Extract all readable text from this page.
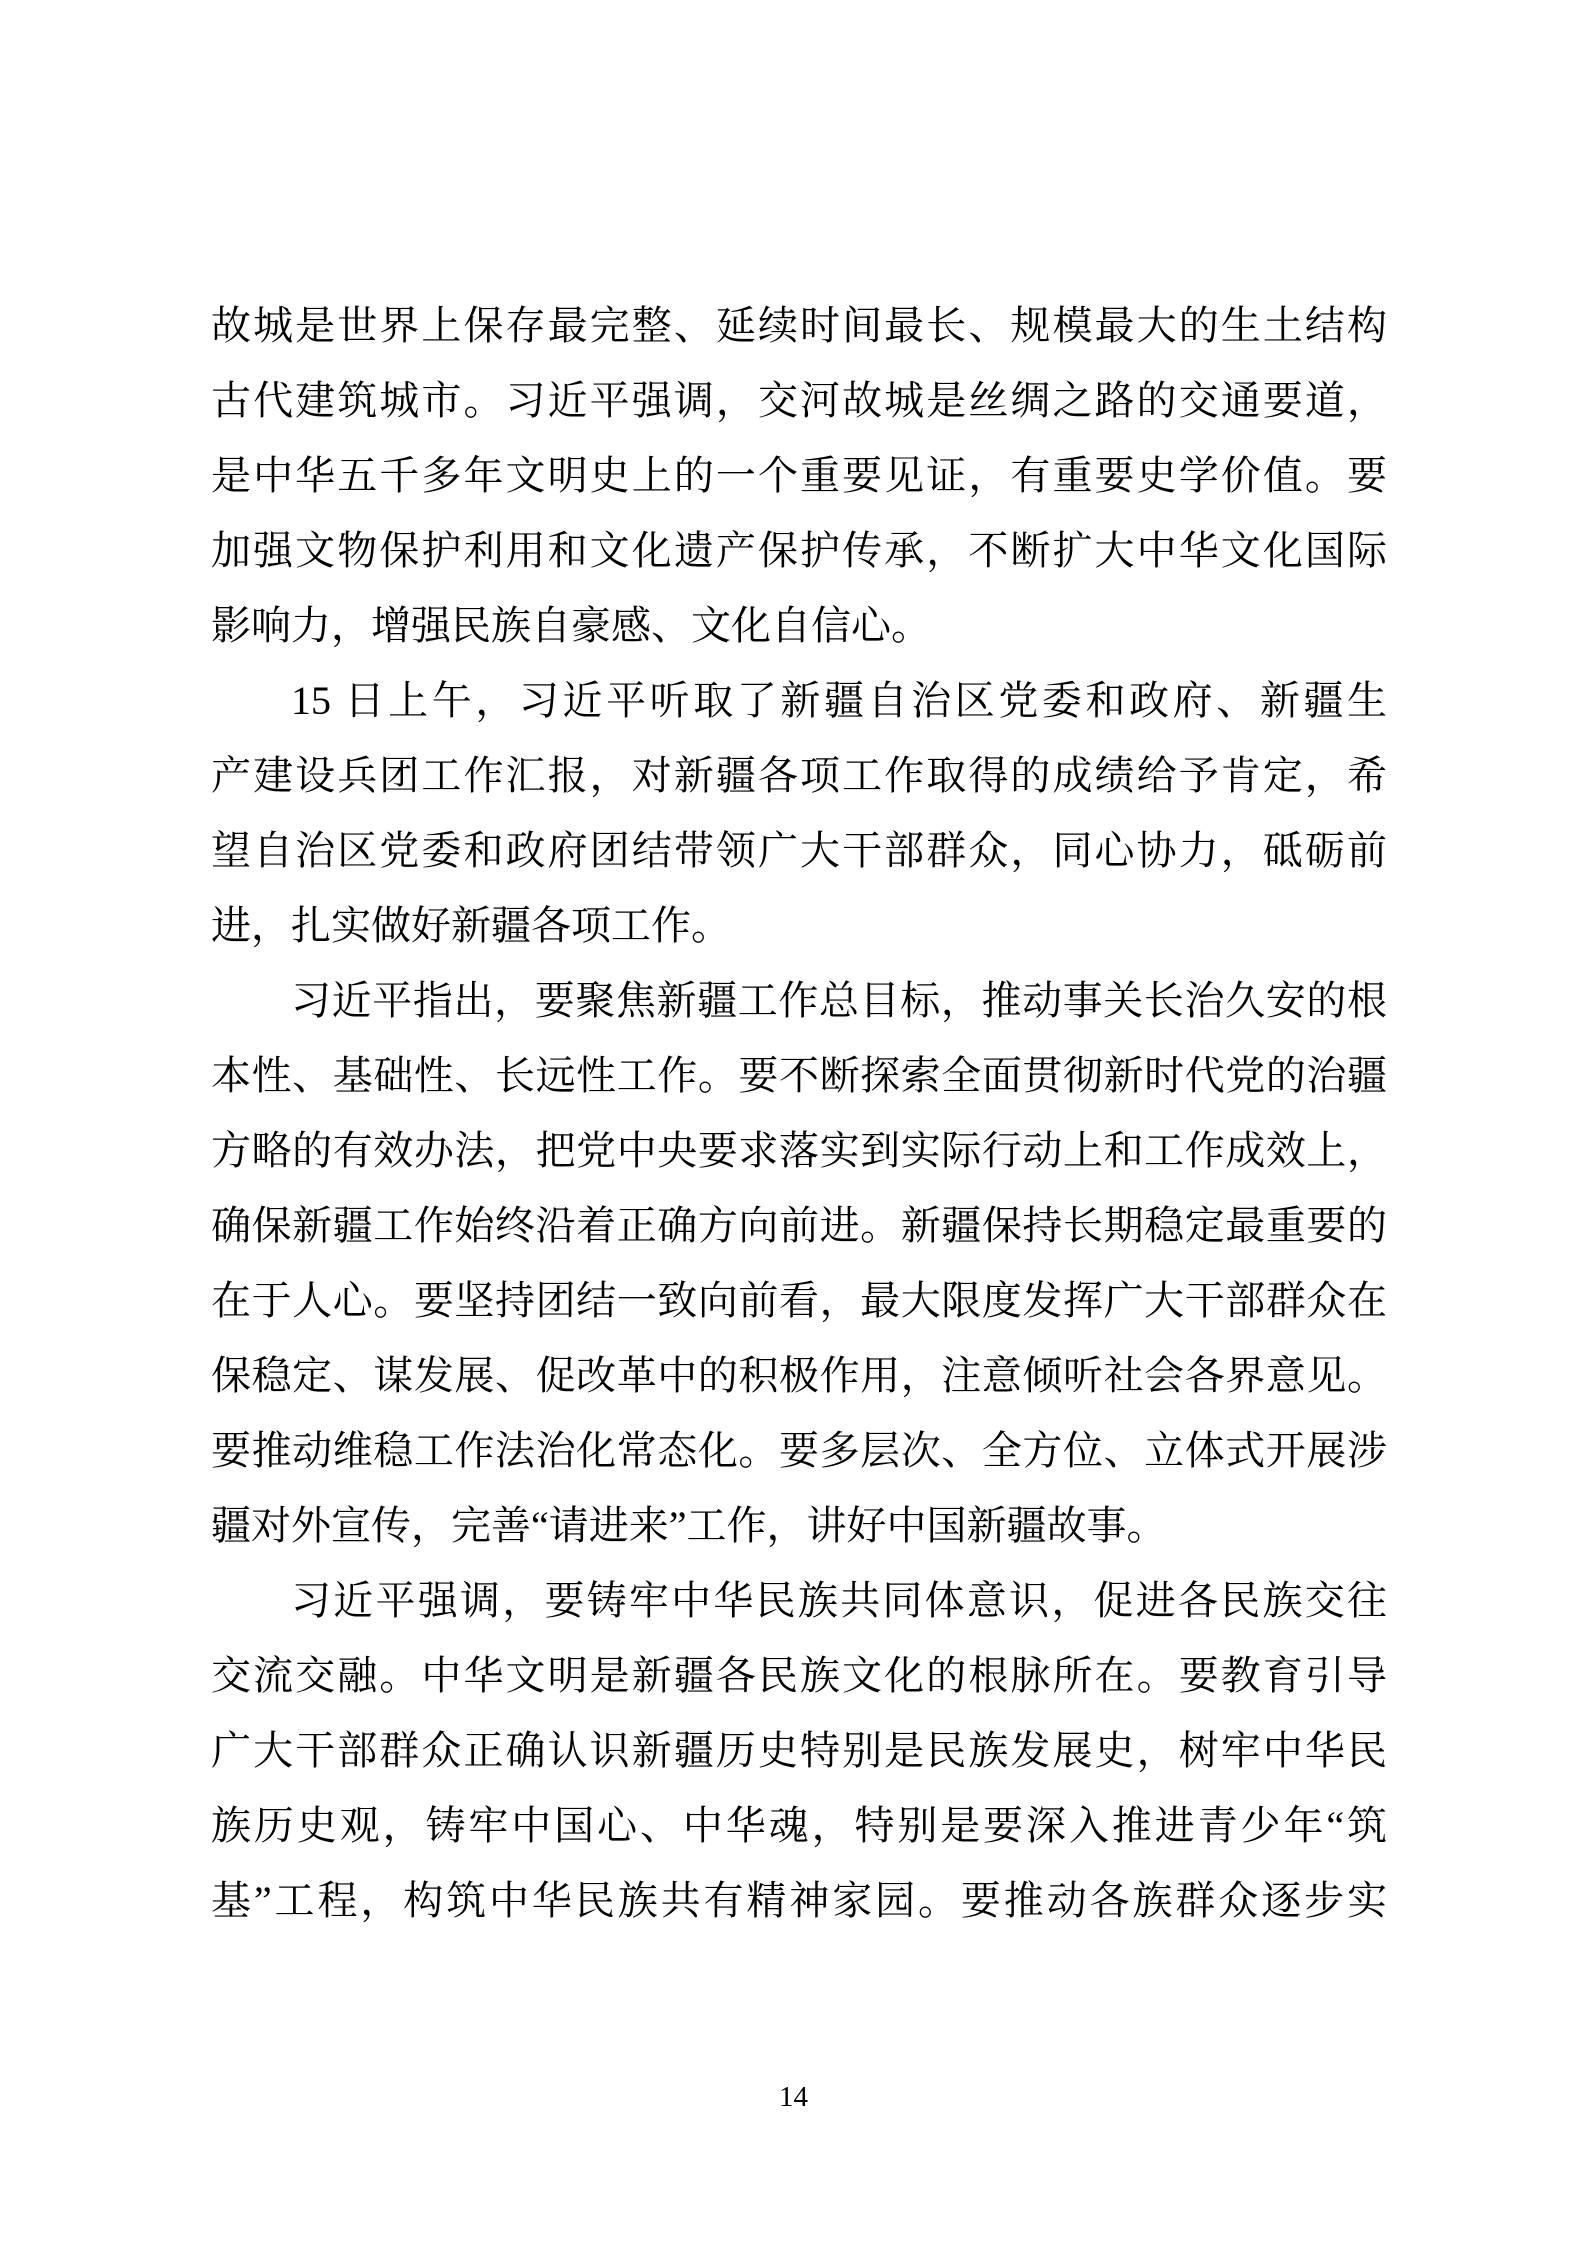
故城是世界上保存最完整、延续时间最长、规模最大的生土结构
古代建筑城市。习近平强调，交河故城是丝绸之路的交通要道，
是中华五千多年文明史上的一个重要见证，有重要史学价值。要
加强文物保护利用和文化遗产保护传承，不断扩大中华文化国际
影响力，增强民族自豪感、文化自信心。
15 日上午，习近平听取了新疆自治区党委和政府、新疆生
产建设兵团工作汇报，对新疆各项工作取得的成绩给予肯定，希
望自治区党委和政府团结带领广大干部群众，同心协力，砥砺前
进，扎实做好新疆各项工作。
习近平指出，要聚焦新疆工作总目标，推动事关长治久安的根
本性、基础性、长远性工作。要不断探索全面贯彻新时代党的治疆
方略的有效办法，把党中央要求落实到实际行动上和工作成效上，
确保新疆工作始终沿着正确方向前进。新疆保持长期稳定最重要的
在于人心。要坚持团结一致向前看，最大限度发挥广大干部群众在
保稳定、谋发展、促改革中的积极作用，注意倾听社会各界意见。
要推动维稳工作法治化常态化。要多层次、全方位、立体式开展涉
疆对外宣传，完善“请进来”工作，讲好中国新疆故事。
习近平强调，要铸牢中华民族共同体意识，促进各民族交往
交流交融。中华文明是新疆各民族文化的根脉所在。要教育引导
广大干部群众正确认识新疆历史特别是民族发展史，树牢中华民
族历史观，铸牢中国心、中华魂，特别是要深入推进青少年“筑
基”工程，构筑中华民族共有精神家园。要推动各族群众逐步实
14
